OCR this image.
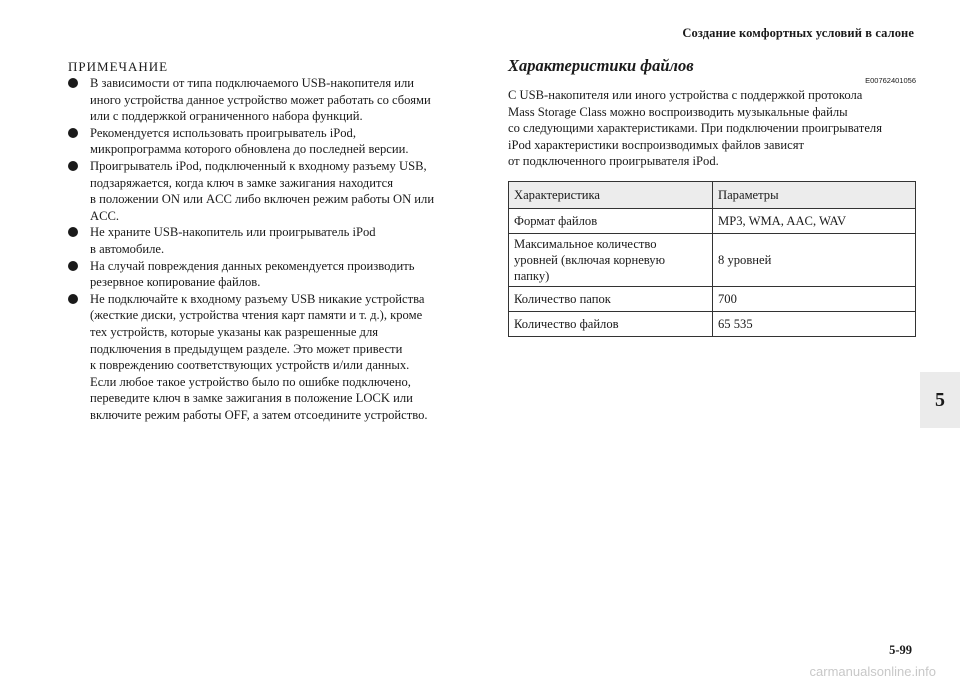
Создание комфортных условий в салоне
ПРИМЕЧАНИЕ
В зависимости от типа подключаемого USB-накопителя или
иного устройства данное устройство может работать со сбоями
или с поддержкой ограниченного набора функций.
Рекомендуется использовать проигрыватель iPod,
микропрограмма которого обновлена до последней версии.
Проигрыватель iPod, подключенный к входному разъему USB,
подзаряжается, когда ключ в замке зажигания находится
в положении ON или ACC либо включен режим работы ON или
ACC.
Не храните USB-накопитель или проигрыватель iPod
в автомобиле.
На случай повреждения данных рекомендуется производить
резервное копирование файлов.
Не подключайте к входному разъему USB никакие устройства
(жесткие диски, устройства чтения карт памяти и т. д.), кроме
тех устройств, которые указаны как разрешенные для
подключения в предыдущем разделе. Это может привести
к повреждению соответствующих устройств и/или данных.
Если любое такое устройство было по ошибке подключено,
переведите ключ в замке зажигания в положение LOCK или
включите режим работы OFF, а затем отсоедините устройство.
Характеристики файлов
E00762401056
С USB-накопителя или иного устройства с поддержкой протокола
Mass Storage Class можно воспроизводить музыкальные файлы
со следующими характеристиками. При подключении проигрывателя
iPod характеристики воспроизводимых файлов зависят
от подключенного проигрывателя iPod.
Характеристика	Параметры

Формат файлов	MP3, WMA, AAC, WAV

Максимальное количество
уровней (включая корневую
папку)	8 уровней

Количество папок	700

Количество файлов	65 535
5
5-99
carmanualsonline.info
